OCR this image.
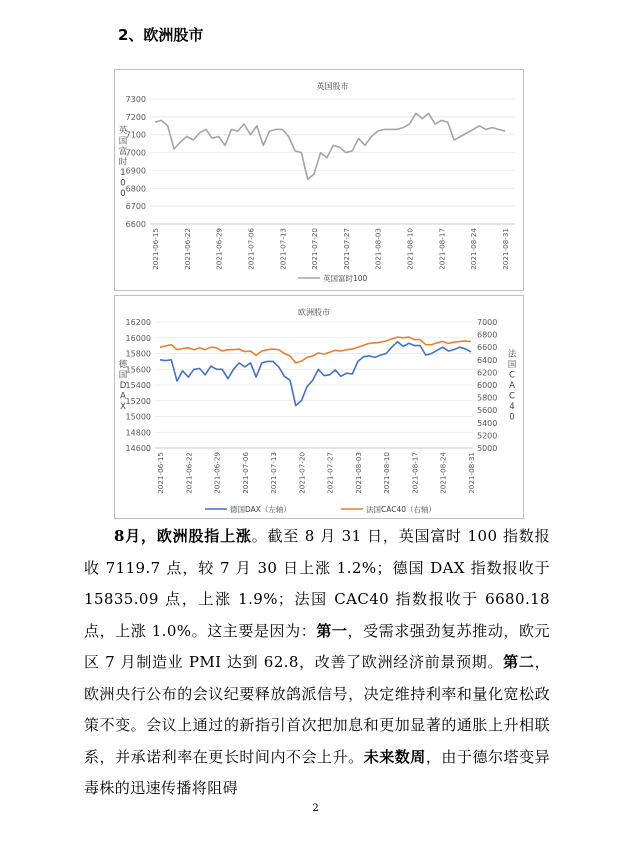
2、欧洲股市
英国股市
6600
6700
6800
6900
7000
7100
7200
7300
英
国
富
时
1
0
0
2021-06-15	2021-06-22	2021-06-29	2021-07-06	2021-07-13	2021-07-20	2021-07-27	2021-08-03	2021-08-10	2021-08-17	2021-08-24	2021-08-31
英国富时100
欧洲股市
14600
14800
15000
15200
15400
15600
15800
16000
16200
5000
5200
5400
5600
5800
6000
6200
6400
6600
6800
7000
德
国
D
A
X
法
国
C
A
C
4
0
2021-06-15	2021-06-22	2021-06-29	2021-07-06	2021-07-13	2021-07-20	2021-07-27	2021-08-03	2021-08-10	2021-08-17	2021-08-24	2021-08-31
德国DAX（左轴）	法国CAC40（右轴）

8月，欧洲股指上涨。截至 8 月 31 日，英国富时 100 指数报收 7119.7 点，较 7 月 30 日上涨 1.2%；德国 DAX 指数报收于 15835.09 点，上涨 1.9%；法国 CAC40 指数报收于 6680.18 点，上涨 1.0%。这主要是因为：第一，受需求强劲复苏推动，欧元区 7 月制造业 PMI 达到 62.8，改善了欧洲经济前景预期。第二，欧洲央行公布的会议纪要释放鸽派信号，决定维持利率和量化宽松政策不变。会议上通过的新指引首次把加息和更加显著的通胀上升相联系，并承诺利率在更长时间内不会上升。未来数周，由于德尔塔变异毒株的迅速传播将阻碍

2
